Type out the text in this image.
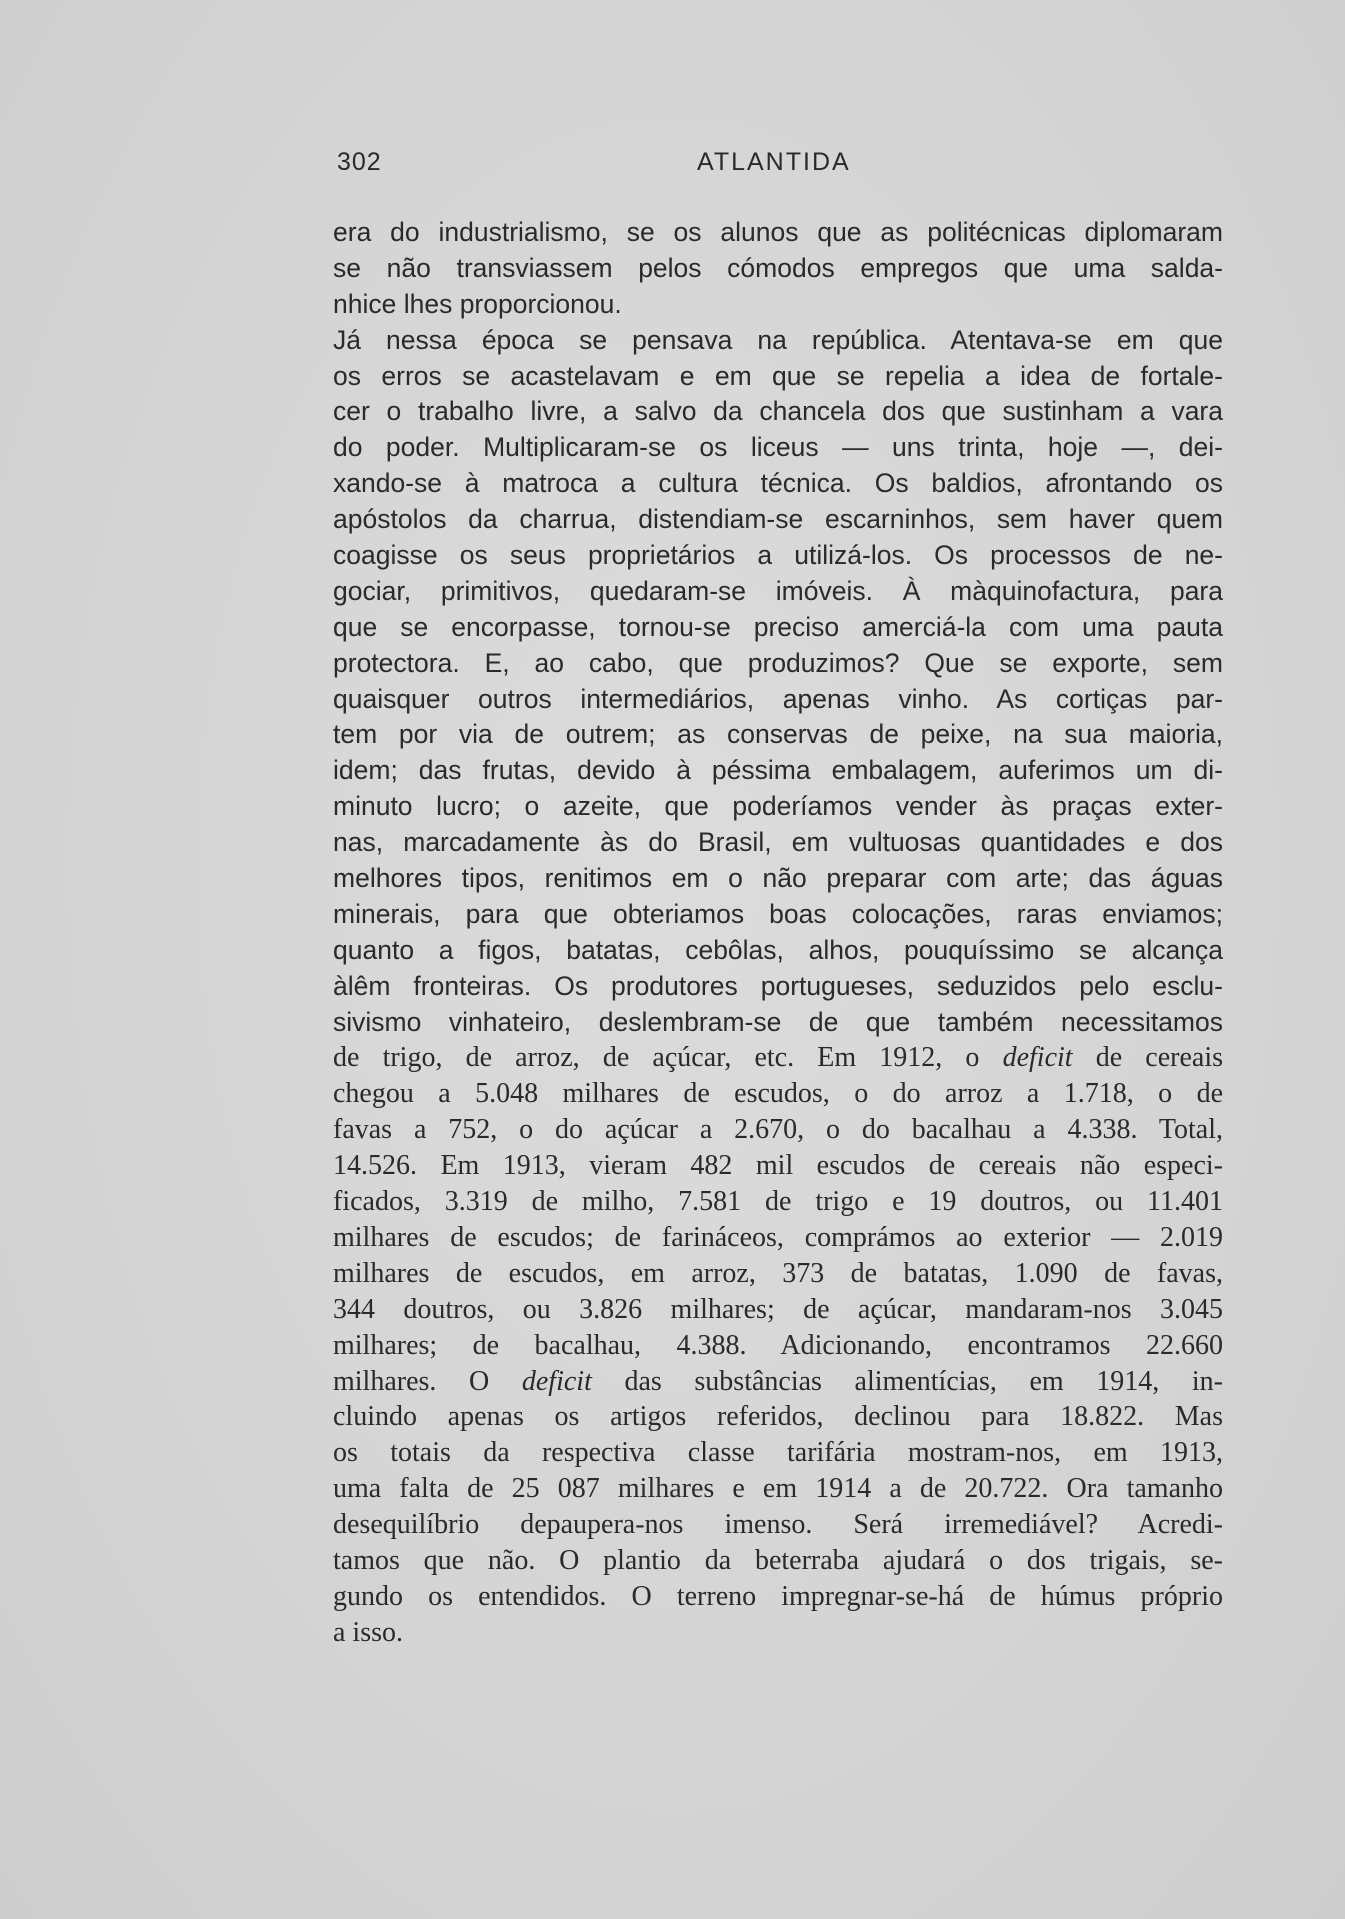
302	ATLANTIDA
era do industrialismo, se os alunos que as politécnicas diplomaram
se não transviassem pelos cómodos empregos que uma salda-
nhice lhes proporcionou.
Já nessa época se pensava na república. Atentava-se em que
os erros se acastelavam e em que se repelia a idea de fortale-
cer o trabalho livre, a salvo da chancela dos que sustinham a vara
do poder. Multiplicaram-se os liceus — uns trinta, hoje —, dei-
xando-se à matroca a cultura técnica. Os baldios, afrontando os
apóstolos da charrua, distendiam-se escarninhos, sem haver quem
coagisse os seus proprietários a utilizá-los. Os processos de ne-
gociar, primitivos, quedaram-se imóveis. À màquinofactura, para
que se encorpasse, tornou-se preciso amerciá-la com uma pauta
protectora. E, ao cabo, que produzimos? Que se exporte, sem
quaisquer outros intermediários, apenas vinho. As cortiças par-
tem por via de outrem; as conservas de peixe, na sua maioria,
idem; das frutas, devido à péssima embalagem, auferimos um di-
minuto lucro; o azeite, que poderíamos vender às praças exter-
nas, marcadamente às do Brasil, em vultuosas quantidades e dos
melhores tipos, renitimos em o não preparar com arte; das águas
minerais, para que obteriamos boas colocações, raras enviamos;
quanto a figos, batatas, cebôlas, alhos, pouquíssimo se alcança
àlêm fronteiras. Os produtores portugueses, seduzidos pelo esclu-
sivismo vinhateiro, deslembram-se de que também necessitamos
de trigo, de arroz, de açúcar, etc. Em 1912, o deficit de cereais
chegou a 5.048 milhares de escudos, o do arroz a 1.718, o de
favas a 752, o do açúcar a 2.670, o do bacalhau a 4.338. Total,
14.526. Em 1913, vieram 482 mil escudos de cereais não especi-
ficados, 3.319 de milho, 7.581 de trigo e 19 doutros, ou 11.401
milhares de escudos; de farináceos, comprámos ao exterior — 2.019
milhares de escudos, em arroz, 373 de batatas, 1.090 de favas,
344 doutros, ou 3.826 milhares; de açúcar, mandaram-nos 3.045
milhares; de bacalhau, 4.388. Adicionando, encontramos 22.660
milhares. O deficit das substâncias alimentícias, em 1914, in-
cluindo apenas os artigos referidos, declinou para 18.822. Mas
os totais da respectiva classe tarifária mostram-nos, em 1913,
uma falta de 25 087 milhares e em 1914 a de 20.722. Ora tamanho
desequilíbrio depaupera-nos imenso. Será irremediável? Acredi-
tamos que não. O plantio da beterraba ajudará o dos trigais, se-
gundo os entendidos. O terreno impregnar-se-há de húmus próprio
a isso.
